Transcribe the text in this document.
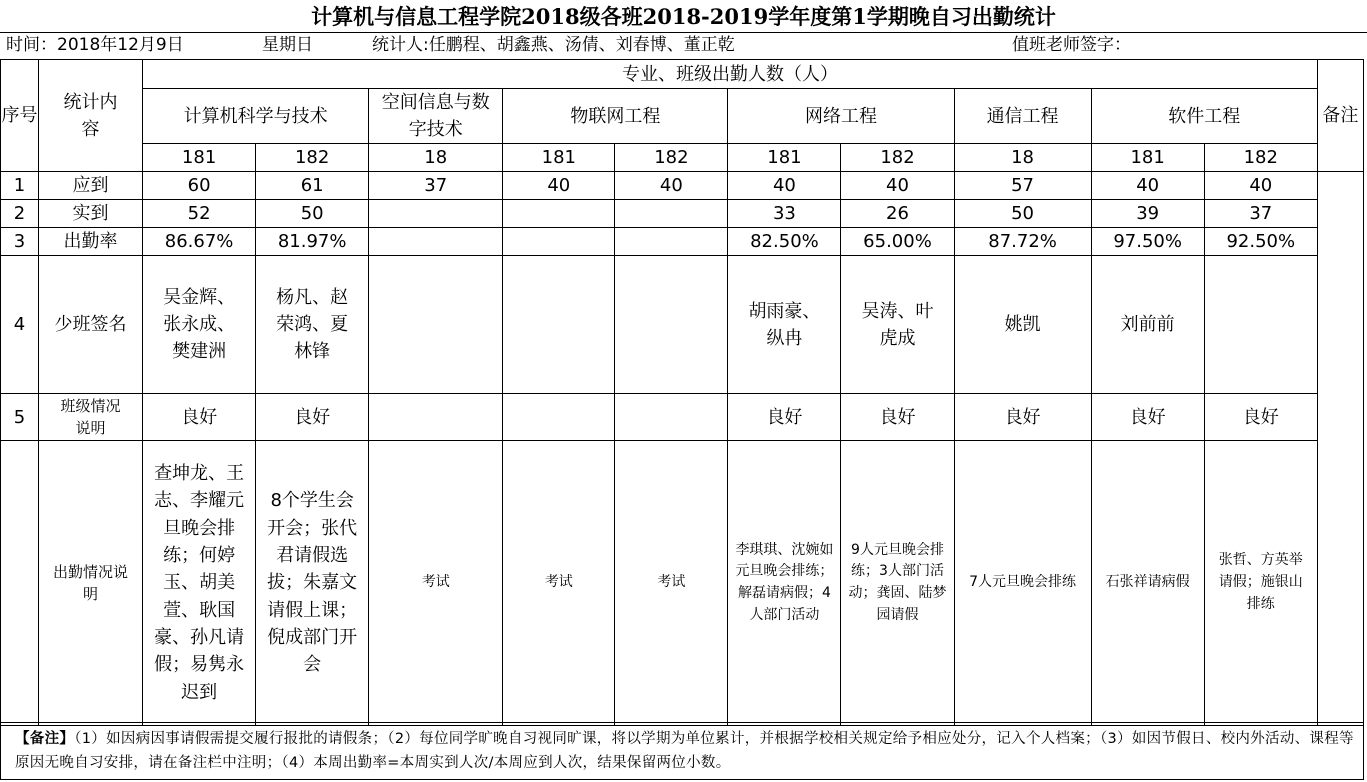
计算机与信息工程学院2018级各班2018-2019学年度第1学期晚自习出勤统计
时间：2018年12月9日	星期日	统计人:任鹏程、胡鑫燕、汤倩、刘春博、董正乾	值班老师签字：
序号	统计内容	专业、班级出勤人数（人）										备注
		计算机科学与技术		空间信息与数字技术	物联网工程		网络工程		通信工程	软件工程		
		181	182	18	181	182	181	182	18	181	182	
1	应到	60	61	37	40	40	40	40	57	40	40	
2	实到	52	50				33	26	50	39	37	
3	出勤率	86.67%	81.97%				82.50%	65.00%	87.72%	97.50%	92.50%	
4	少班签名	吴金辉、张永成、樊建洲	杨凡、赵荣鸿、夏林锋				胡雨豪、纵冉	吴涛、叶虎成	姚凯	刘前前		

5	班级情况说明	良好	良好				良好	良好	良好	良好	良好	

	出勤情况说明	查坤龙、王志、李耀元旦晚会排练；何婷玉、胡美萱、耿国豪、孙凡请假；易隽永迟到	8个学生会开会；张代君请假选拔；朱嘉文请假上课；倪成部门开会	考试	考试	考试	李琪琪、沈婉如元旦晚会排练；解磊请病假；4人部门活动	9人元旦晚会排练；3人部门活动；龚固、陆梦园请假	7人元旦晚会排练	石张祥请病假	张哲、方英举请假；施银山排练	
【备注】（1）如因病因事请假需提交履行报批的请假条；（2）每位同学旷晚自习视同旷课，将以学期为单位累计，并根据学校相关规定给予相应处分，记入个人档案；（3）如因节假日、校内外活动、课程等原因无晚自习安排，请在备注栏中注明；（4）本周出勤率=本周实到人次/本周应到人次，结果保留两位小数。
